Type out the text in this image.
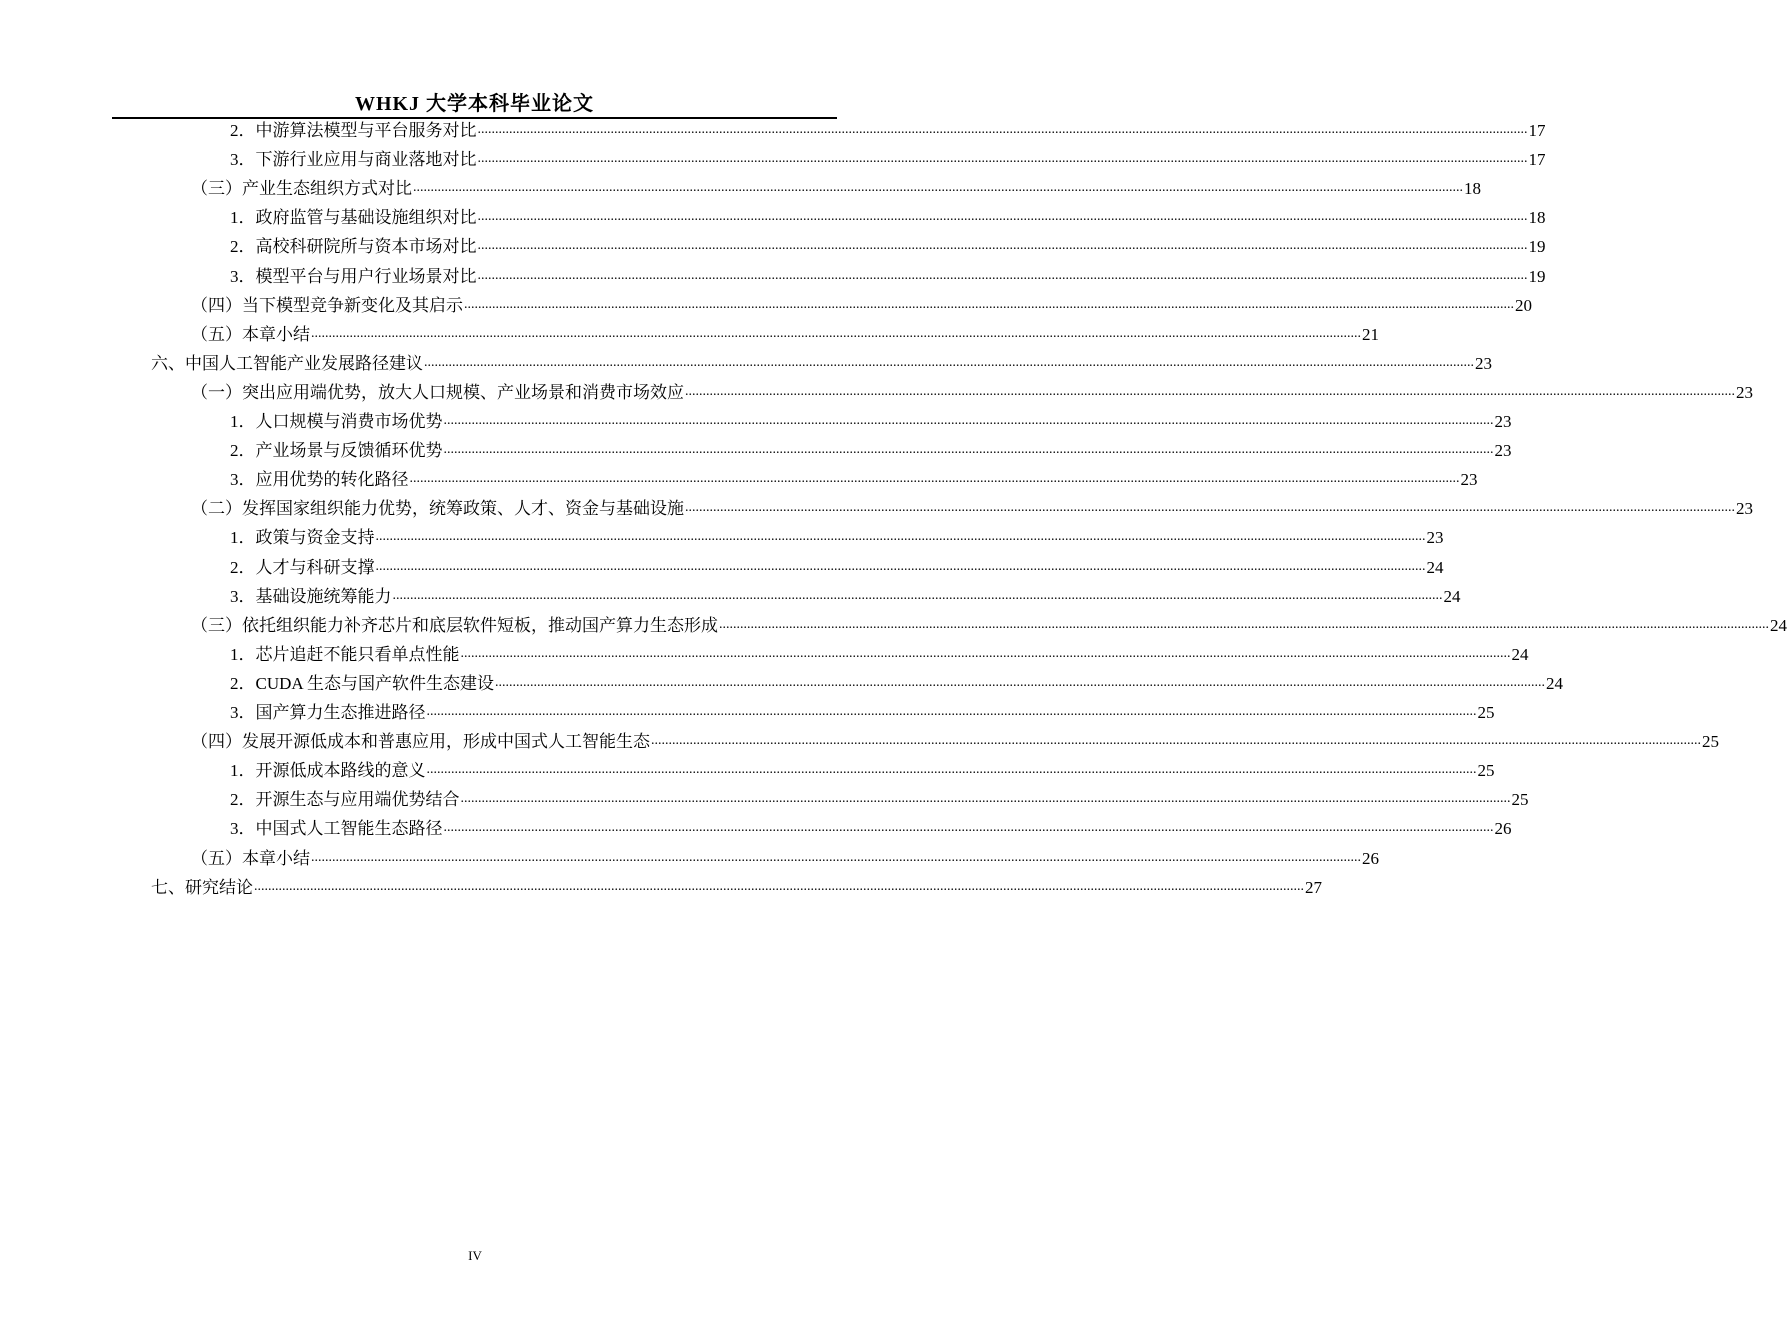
WHKJ 大学本科毕业论文
2．中游算法模型与平台服务对比 ............................................................................................................................................................................................................................................................................................................ 17
3．下游行业应用与商业落地对比 ............................................................................................................................................................................................................................................................................................................ 17
（三）产业生态组织方式对比 ............................................................................................................................................................................................................................................................................................................ 18
1．政府监管与基础设施组织对比 ............................................................................................................................................................................................................................................................................................................ 18
2．高校科研院所与资本市场对比 ............................................................................................................................................................................................................................................................................................................ 19
3．模型平台与用户行业场景对比 ............................................................................................................................................................................................................................................................................................................ 19
（四）当下模型竞争新变化及其启示 ............................................................................................................................................................................................................................................................................................................ 20
（五）本章小结 ............................................................................................................................................................................................................................................................................................................ 21
六、中国人工智能产业发展路径建议 ............................................................................................................................................................................................................................................................................................................ 23
（一）突出应用端优势，放大人口规模、产业场景和消费市场效应 ............................................................................................................................................................................................................................................................................................................ 23
1．人口规模与消费市场优势 ............................................................................................................................................................................................................................................................................................................ 23
2．产业场景与反馈循环优势 ............................................................................................................................................................................................................................................................................................................ 23
3．应用优势的转化路径 ............................................................................................................................................................................................................................................................................................................ 23
（二）发挥国家组织能力优势，统筹政策、人才、资金与基础设施 ............................................................................................................................................................................................................................................................................................................ 23
1．政策与资金支持 ............................................................................................................................................................................................................................................................................................................ 23
2．人才与科研支撑 ............................................................................................................................................................................................................................................................................................................ 24
3．基础设施统筹能力 ............................................................................................................................................................................................................................................................................................................ 24
（三）依托组织能力补齐芯片和底层软件短板，推动国产算力生态形成 ............................................................................................................................................................................................................................................................................................................ 24
1．芯片追赶不能只看单点性能 ............................................................................................................................................................................................................................................................................................................ 24
2．CUDA 生态与国产软件生态建设 ............................................................................................................................................................................................................................................................................................................ 24
3．国产算力生态推进路径 ............................................................................................................................................................................................................................................................................................................ 25
（四）发展开源低成本和普惠应用，形成中国式人工智能生态 ............................................................................................................................................................................................................................................................................................................ 25
1．开源低成本路线的意义 ............................................................................................................................................................................................................................................................................................................ 25
2．开源生态与应用端优势结合 ............................................................................................................................................................................................................................................................................................................ 25
3．中国式人工智能生态路径 ............................................................................................................................................................................................................................................................................................................ 26
（五）本章小结 ............................................................................................................................................................................................................................................................................................................ 26
七、研究结论 ............................................................................................................................................................................................................................................................................................................ 27
IV
